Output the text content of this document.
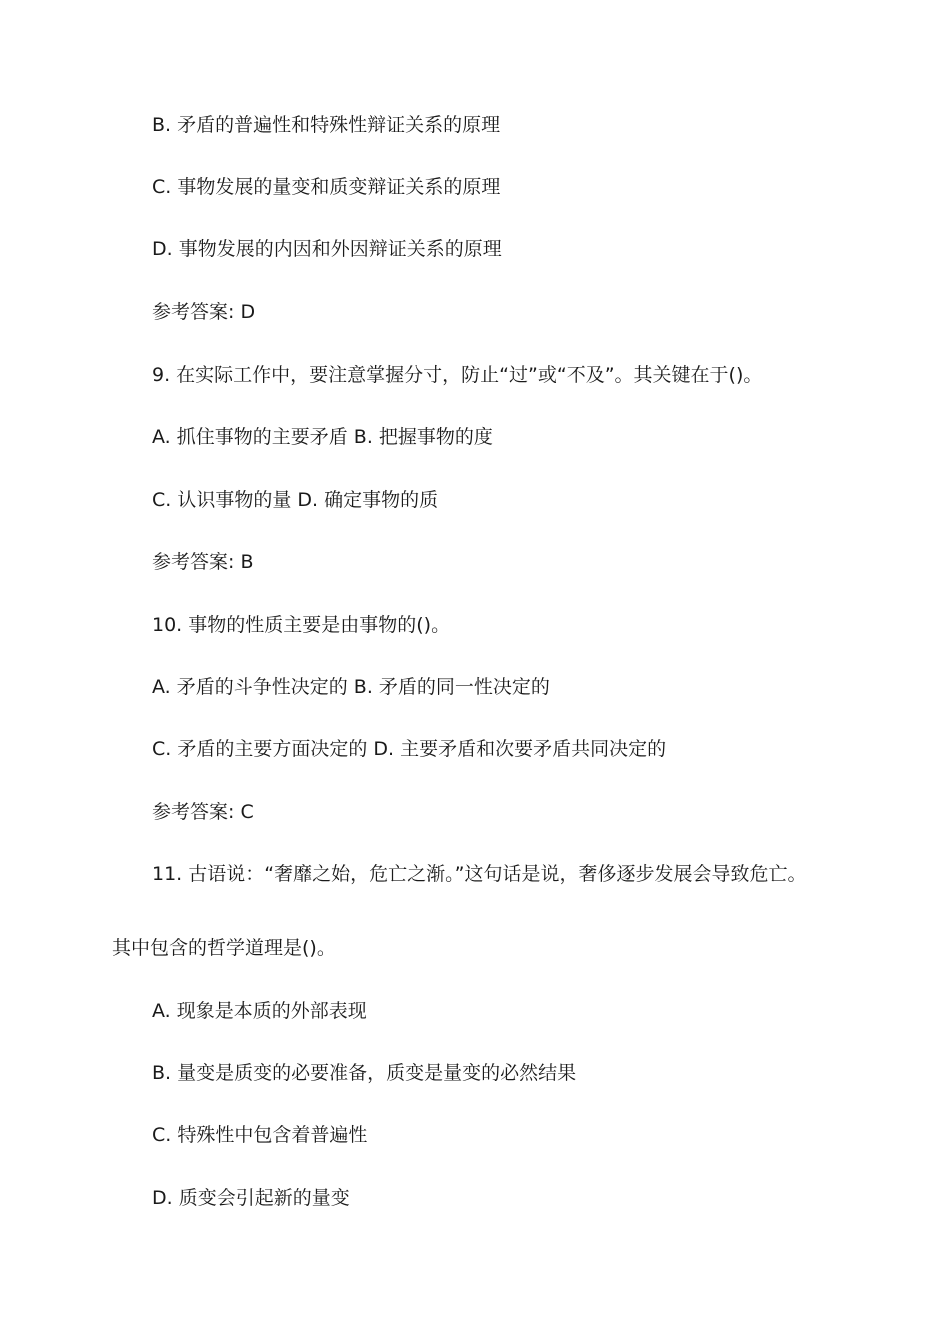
B. 矛盾的普遍性和特殊性辩证关系的原理
C. 事物发展的量变和质变辩证关系的原理
D. 事物发展的内因和外因辩证关系的原理
参考答案: D
9. 在实际工作中，要注意掌握分寸，防止“过”或“不及”。其关键在于()。
A. 抓住事物的主要矛盾 B. 把握事物的度
C. 认识事物的量 D. 确定事物的质
参考答案: B
10. 事物的性质主要是由事物的()。
A. 矛盾的斗争性决定的 B. 矛盾的同一性决定的
C. 矛盾的主要方面决定的 D. 主要矛盾和次要矛盾共同决定的
参考答案: C
11. 古语说：“奢靡之始，危亡之渐。”这句话是说，奢侈逐步发展会导致危亡。
其中包含的哲学道理是()。
A. 现象是本质的外部表现
B. 量变是质变的必要准备，质变是量变的必然结果
C. 特殊性中包含着普遍性
D. 质变会引起新的量变
